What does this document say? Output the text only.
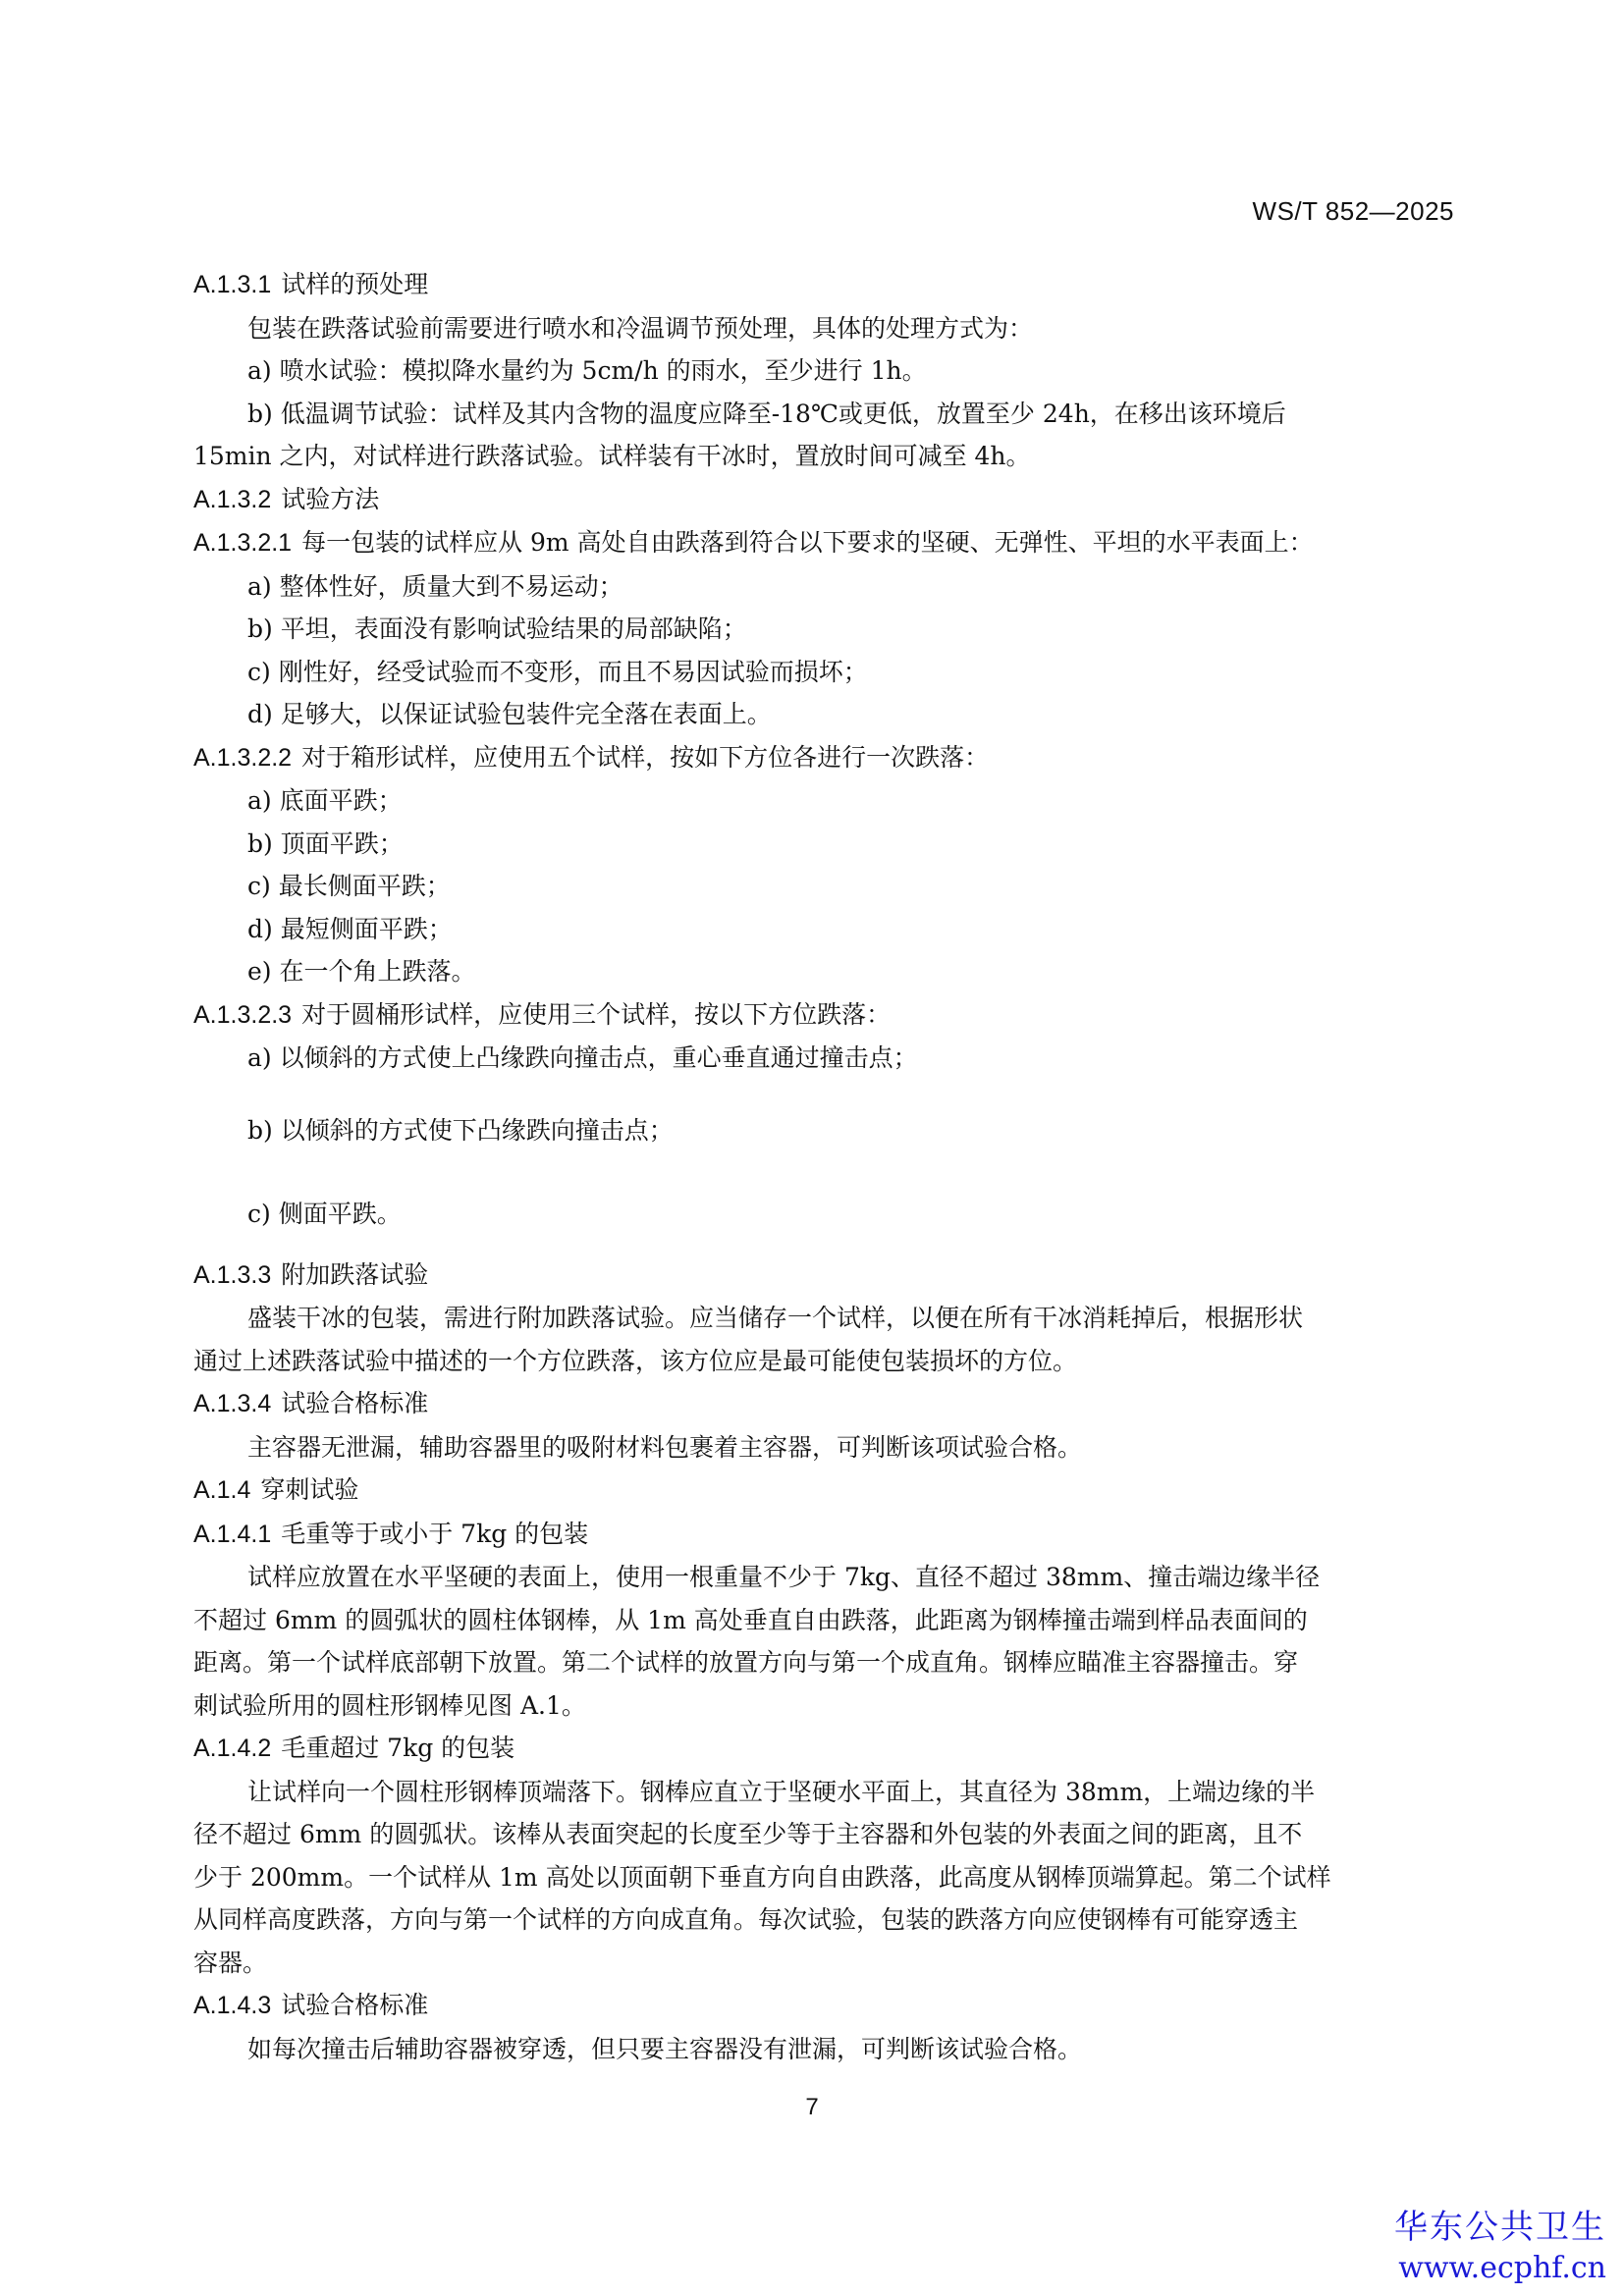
WS/T 852—2025
A.1.3.1 试样的预处理
包装在跌落试验前需要进行喷水和冷温调节预处理，具体的处理方式为：
a) 喷水试验：模拟降水量约为 5cm/h 的雨水，至少进行 1h。
b) 低温调节试验：试样及其内含物的温度应降至-18℃或更低，放置至少 24h，在移出该环境后
15min 之内，对试样进行跌落试验。试样装有干冰时，置放时间可减至 4h。
A.1.3.2 试验方法
A.1.3.2.1 每一包装的试样应从 9m 高处自由跌落到符合以下要求的坚硬、无弹性、平坦的水平表面上：
a) 整体性好，质量大到不易运动；
b) 平坦，表面没有影响试验结果的局部缺陷；
c) 刚性好，经受试验而不变形，而且不易因试验而损坏；
d) 足够大，以保证试验包装件完全落在表面上。
A.1.3.2.2 对于箱形试样，应使用五个试样，按如下方位各进行一次跌落：
a) 底面平跌；
b) 顶面平跌；
c) 最长侧面平跌；
d) 最短侧面平跌；
e) 在一个角上跌落。
A.1.3.2.3 对于圆桶形试样，应使用三个试样，按以下方位跌落：
a) 以倾斜的方式使上凸缘跌向撞击点，重心垂直通过撞击点；
b) 以倾斜的方式使下凸缘跌向撞击点；
c) 侧面平跌。
A.1.3.3 附加跌落试验
盛装干冰的包装，需进行附加跌落试验。应当储存一个试样，以便在所有干冰消耗掉后，根据形状
通过上述跌落试验中描述的一个方位跌落，该方位应是最可能使包装损坏的方位。
A.1.3.4 试验合格标准
主容器无泄漏，辅助容器里的吸附材料包裹着主容器，可判断该项试验合格。
A.1.4 穿刺试验
A.1.4.1 毛重等于或小于 7kg 的包装
试样应放置在水平坚硬的表面上，使用一根重量不少于 7kg、直径不超过 38mm、撞击端边缘半径
不超过 6mm 的圆弧状的圆柱体钢棒，从 1m 高处垂直自由跌落，此距离为钢棒撞击端到样品表面间的
距离。第一个试样底部朝下放置。第二个试样的放置方向与第一个成直角。钢棒应瞄准主容器撞击。穿
刺试验所用的圆柱形钢棒见图 A.1。
A.1.4.2 毛重超过 7kg 的包装
让试样向一个圆柱形钢棒顶端落下。钢棒应直立于坚硬水平面上，其直径为 38mm，上端边缘的半
径不超过 6mm 的圆弧状。该棒从表面突起的长度至少等于主容器和外包装的外表面之间的距离，且不
少于 200mm。一个试样从 1m 高处以顶面朝下垂直方向自由跌落，此高度从钢棒顶端算起。第二个试样
从同样高度跌落，方向与第一个试样的方向成直角。每次试验，包装的跌落方向应使钢棒有可能穿透主
容器。
A.1.4.3 试验合格标准
如每次撞击后辅助容器被穿透，但只要主容器没有泄漏，可判断该试验合格。
7
华东公共卫生
www.ecphf.cn
